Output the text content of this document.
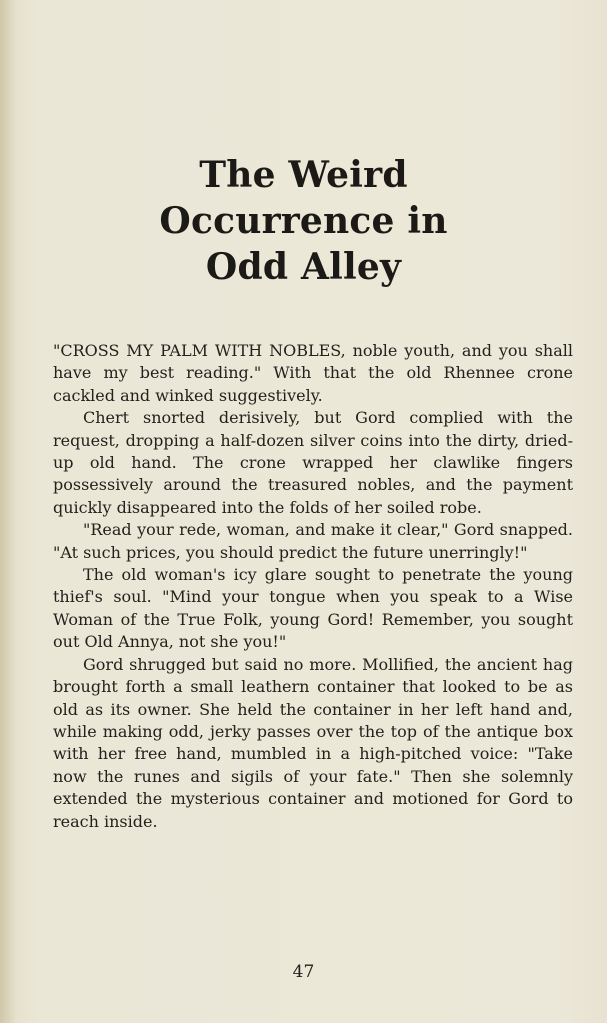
The Weird
Occurrence in
Odd Alley

"CROSS MY PALM WITH NOBLES, noble youth, and you shall have my best reading." With that the old Rhennee crone cackled and winked suggestively.

Chert snorted derisively, but Gord complied with the request, dropping a half-dozen silver coins into the dirty, dried-up old hand. The crone wrapped her clawlike fingers possessively around the treasured nobles, and the payment quickly disappeared into the folds of her soiled robe.

"Read your rede, woman, and make it clear," Gord snapped. "At such prices, you should predict the future unerringly!"

The old woman's icy glare sought to penetrate the young thief's soul. "Mind your tongue when you speak to a Wise Woman of the True Folk, young Gord! Remember, you sought out Old Annya, not she you!"

Gord shrugged but said no more. Mollified, the ancient hag brought forth a small leathern container that looked to be as old as its owner. She held the container in her left hand and, while making odd, jerky passes over the top of the antique box with her free hand, mumbled in a high-pitched voice: "Take now the runes and sigils of your fate." Then she solemnly extended the mysterious container and motioned for Gord to reach inside.

47
